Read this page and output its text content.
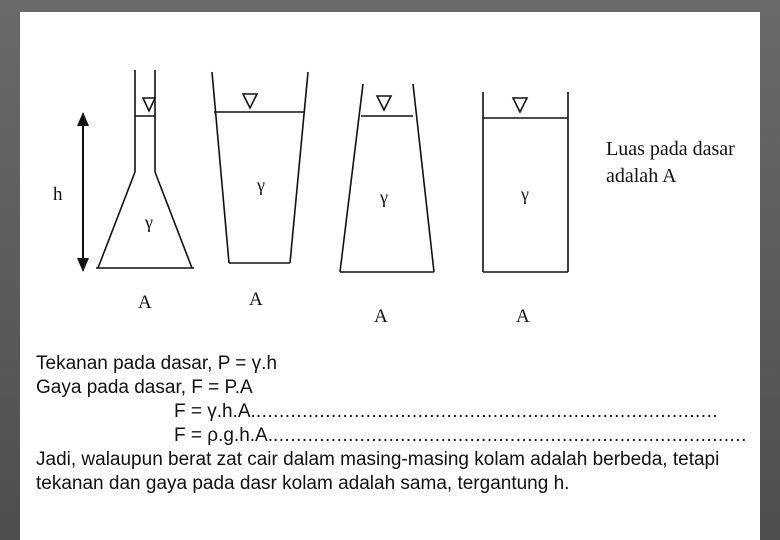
h
γ
γ
γ	γ
A	A
A	A
Luas pada dasar
adalah A
Tekanan pada dasar, P = γ.h
Gaya pada dasar, F = P.A
F = γ.h.A.................................................................................
F = ρ.g.h.A...................................................................................
Jadi, walaupun berat zat cair dalam masing-masing kolam adalah berbeda, tetapi
tekanan dan gaya pada dasr kolam adalah sama, tergantung h.
